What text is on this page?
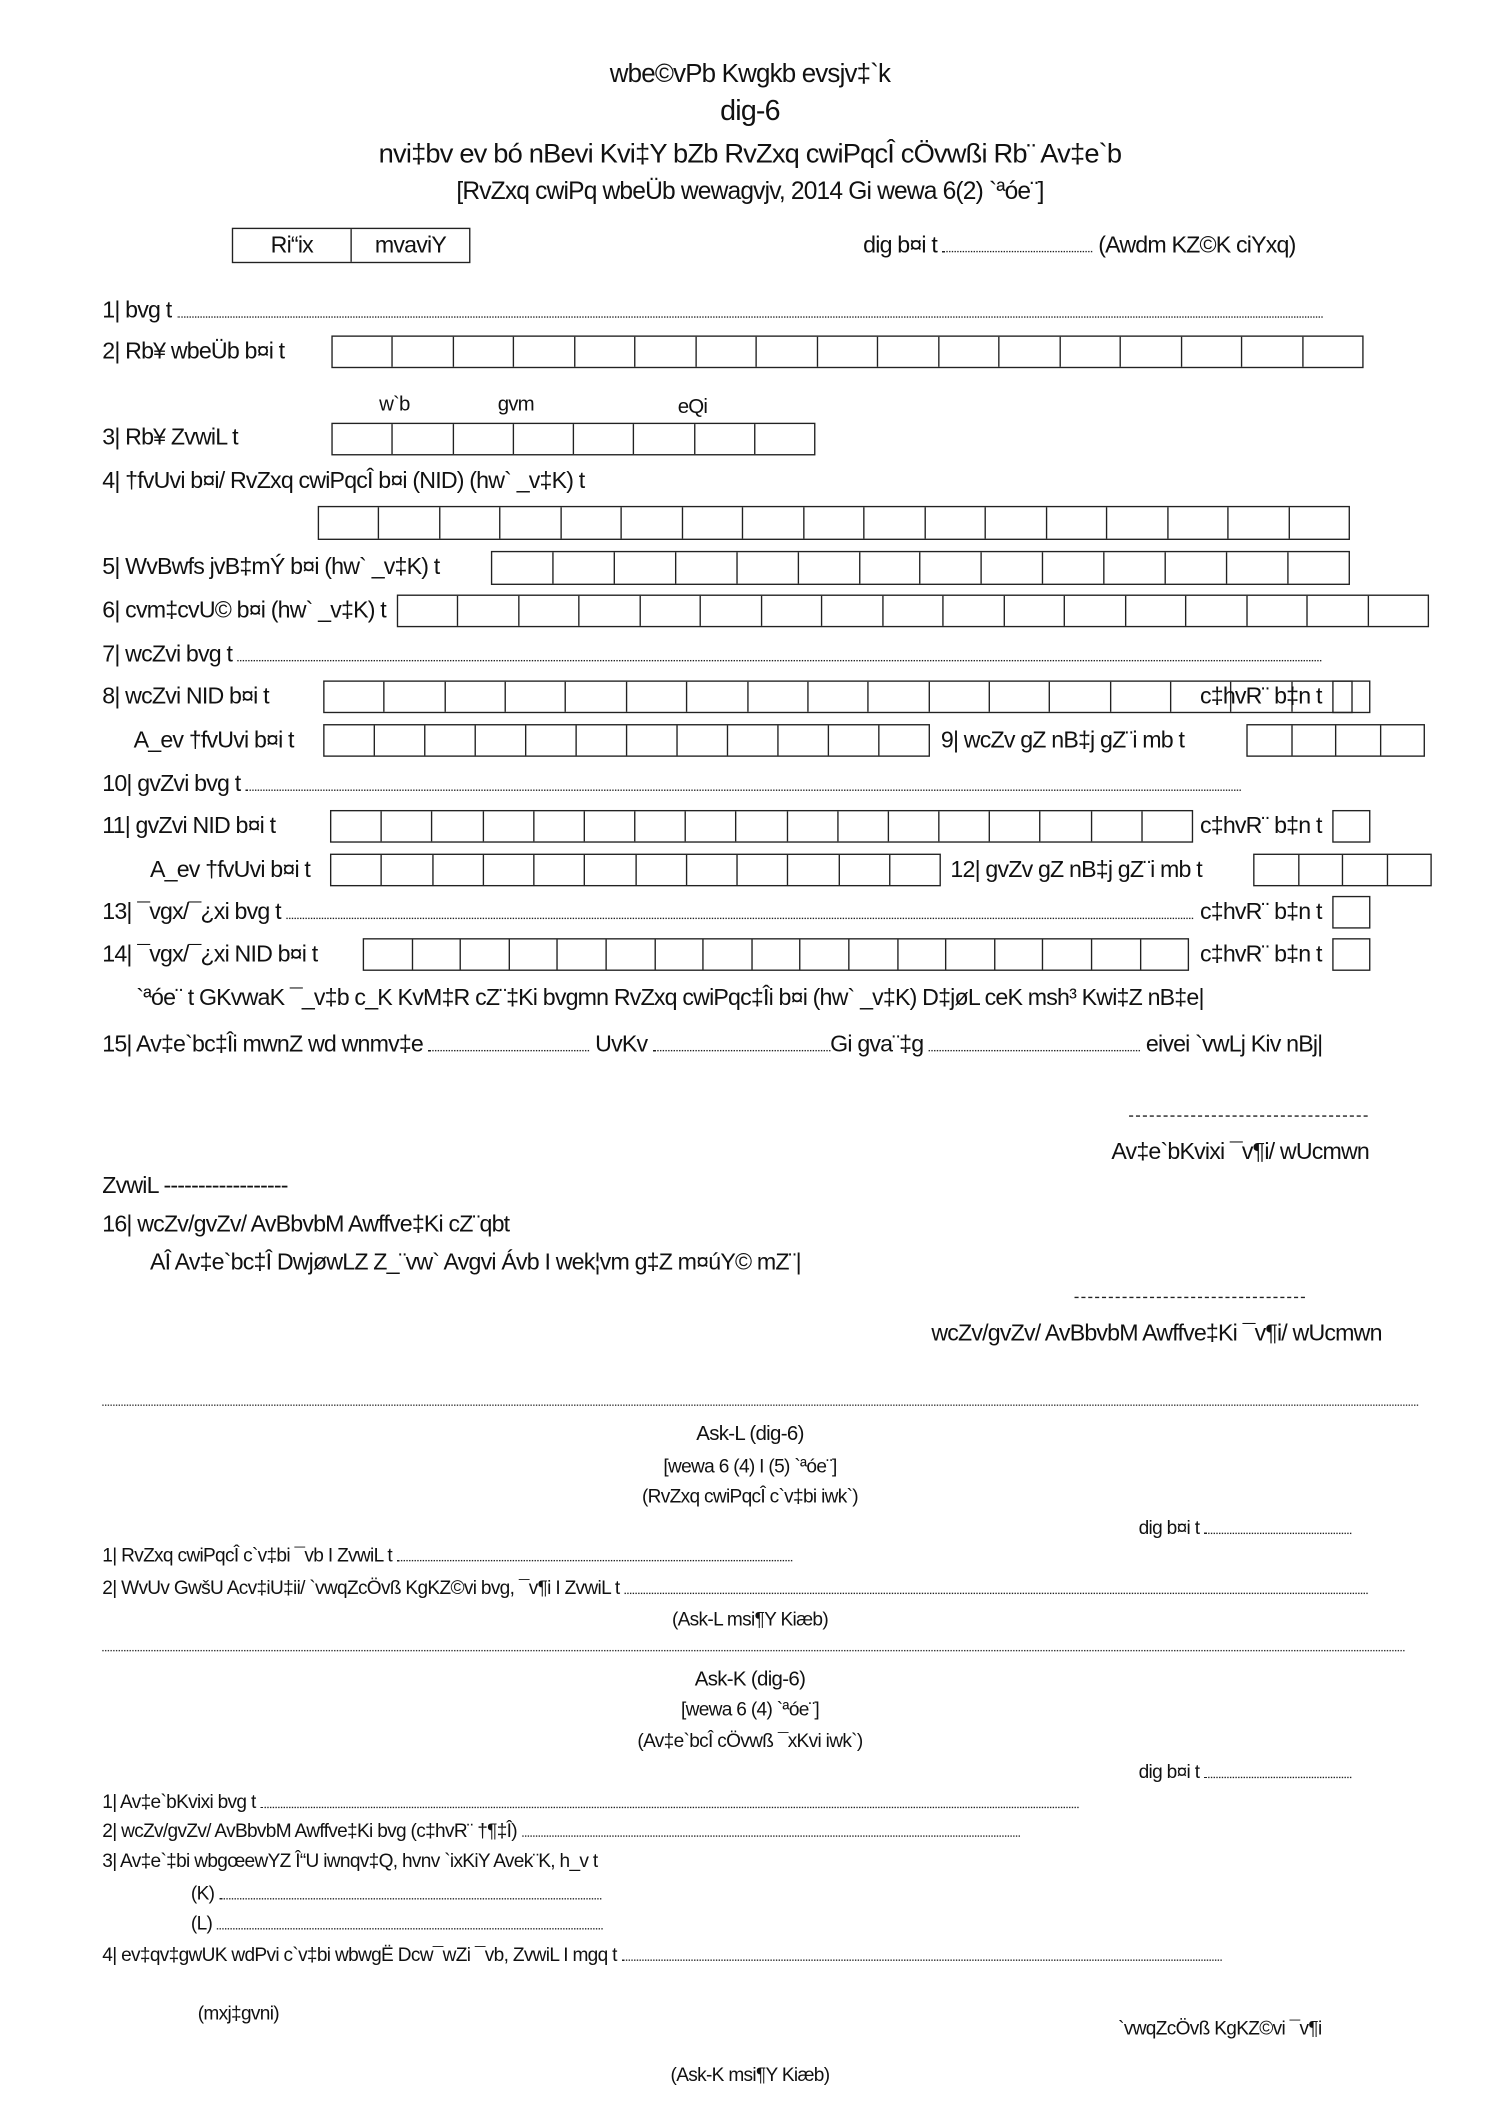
wbe©vPb Kwgkb evsjv‡`k
dig-6
nvi‡bv ev bó nBevi Kvi‡Y bZb RvZxq cwiPqcÎ cÖvwßi Rb¨ Av‡e`b
[RvZxq cwiPq wbeÜb wewagvjv, 2014 Gi wewa 6(2) `ªóe¨]
Ri“ix	mvaviY	dig b¤i t	(Awdm KZ©K ciYxq)
1| bvg t
2| Rb¥ wbeÜb b¤i t
w`b	gvm	eQi
3| Rb¥ ZvwiL t
4| †fvUvi b¤i/ RvZxq cwiPqcÎ b¤i (NID) (hw` _v‡K) t
5| WvBwfs jvB‡mÝ b¤i (hw` _v‡K) t
6| cvm‡cvU© b¤i (hw` _v‡K) t
7| wcZvi bvg t
8| wcZvi NID b¤i t	c‡hvR¨ b‡n t
A_ev †fvUvi b¤i t	9| wcZv gZ nB‡j gZ¨i mb t
10| gvZvi bvg t
11| gvZvi NID b¤i t	c‡hvR¨ b‡n t
A_ev †fvUvi b¤i t	12| gvZv gZ nB‡j gZ¨i mb t
13| ¯vgx/¯¿xi bvg t	c‡hvR¨ b‡n t
14| ¯vgx/¯¿xi NID b¤i t	c‡hvR¨ b‡n t
`ªóe¨ t GKvwaK ¯_v‡b c_K KvM‡R cZ¨‡Ki bvgmn RvZxq cwiPqc‡Îi b¤i (hw` _v‡K) D‡jøL ceK msh³ Kwi‡Z nB‡e|
15| Av‡e`bc‡Îi mwnZ wd wnmv‡e	UvKv	Gi gva¨‡g	eivei `vwLj Kiv nBj|
Av‡e`bKvixi ¯v¶i/ wUcmwn
ZvwiL ------------------
16| wcZv/gvZv/ AvBbvbM Awffve‡Ki cZ¨qbt
AÎ Av‡e`bc‡Î DwjøwLZ Z_¨vw` Avgvi Ávb I wek¦vm g‡Z m¤úY© mZ¨|
wcZv/gvZv/ AvBbvbM Awffve‡Ki ¯v¶i/ wUcmwn
Ask-L (dig-6)
[wewa 6 (4) I (5) `ªóe¨]
(RvZxq cwiPqcÎ c`v‡bi iwk`)
dig b¤i t
1| RvZxq cwiPqcÎ c`v‡bi ¯vb I ZvwiL t
2| WvUv GwšU Acv‡iU‡ii/ `vwqZcÖvß KgKZ©vi bvg, ¯v¶i I ZvwiL t
(Ask-L msi¶Y Kiæb)
Ask-K (dig-6)
[wewa 6 (4) `ªóe¨]
(Av‡e`bcÎ cÖvwß ¯xKvi iwk`)
dig b¤i t
1| Av‡e`bKvixi bvg t
2| wcZv/gvZv/ AvBbvbM Awffve‡Ki bvg (c‡hvR¨ †¶‡Î)
3| Av‡e`‡bi wbgœewYZ Î“U iwnqv‡Q, hvnv `ixKiY Avek¨K, h_v t
(K)
(L)
4| ev‡qv‡gwUK wdPvi c`v‡bi wbwgË Dcw¯wZi ¯vb, ZvwiL I mgq t
(mxj‡gvni)
`vwqZcÖvß KgKZ©vi ¯v¶i
(Ask-K msi¶Y Kiæb)
